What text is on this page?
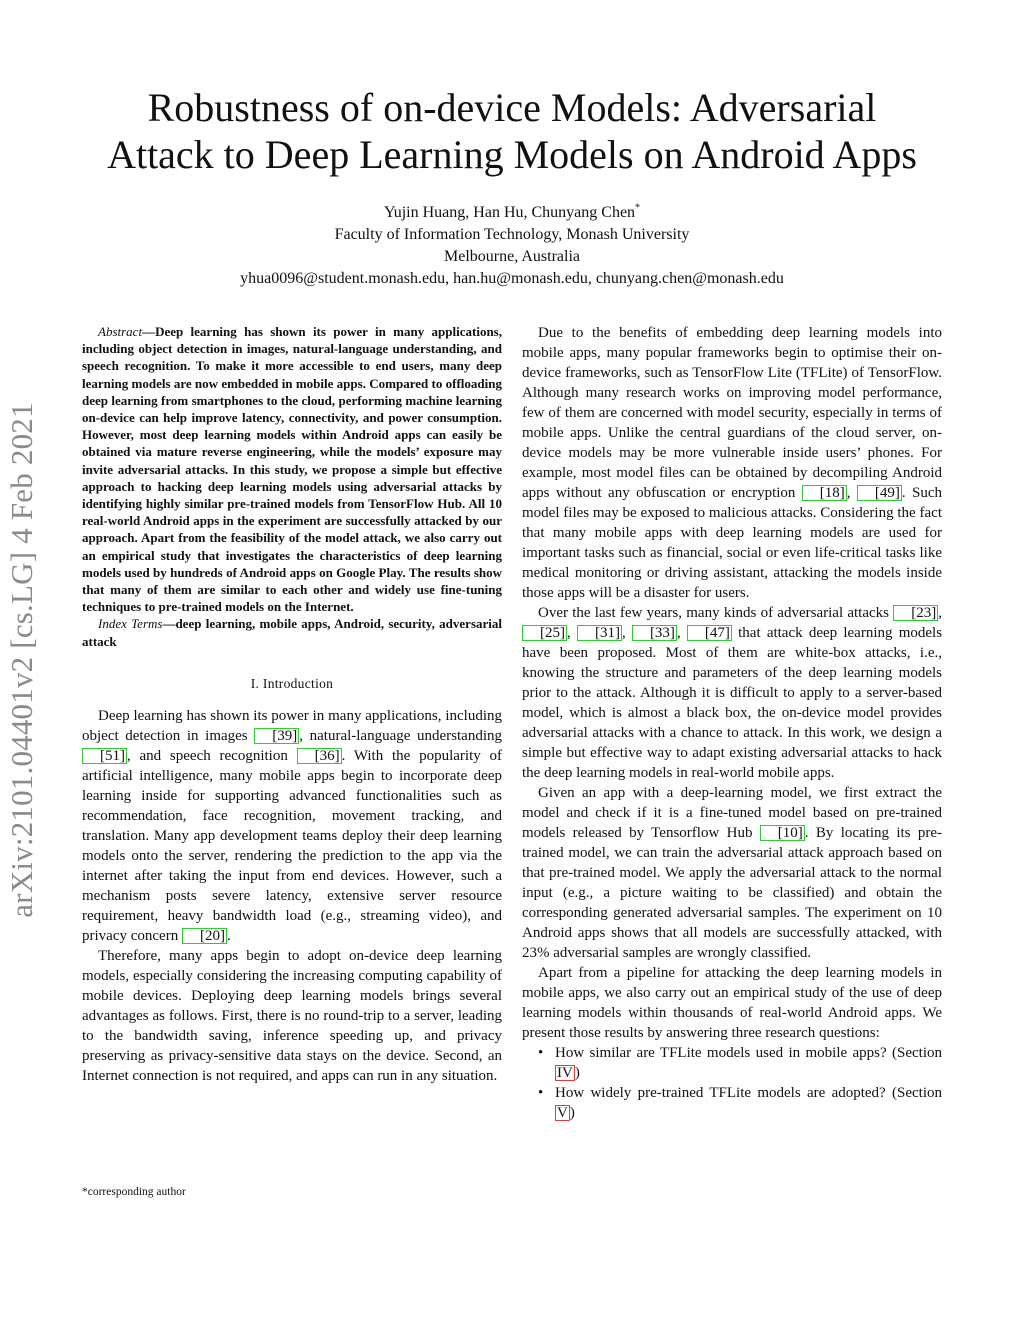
arXiv:2101.04401v2 [cs.LG] 4 Feb 2021
Robustness of on-device Models: Adversarial
Attack to Deep Learning Models on Android Apps
Yujin Huang, Han Hu, Chunyang Chen*
Faculty of Information Technology, Monash University
Melbourne, Australia
yhua0096@student.monash.edu, han.hu@monash.edu, chunyang.chen@monash.edu

Abstract—Deep learning has shown its power in many applications, including object detection in images, natural-language understanding, and speech recognition. To make it more accessible to end users, many deep learning models are now embedded in mobile apps. Compared to offloading deep learning from smartphones to the cloud, performing machine learning on-device can help improve latency, connectivity, and power consumption. However, most deep learning models within Android apps can easily be obtained via mature reverse engineering, while the models’ exposure may invite adversarial attacks. In this study, we propose a simple but effective approach to hacking deep learning models using adversarial attacks by identifying highly similar pre-trained models from TensorFlow Hub. All 10 real-world Android apps in the experiment are successfully attacked by our approach. Apart from the feasibility of the model attack, we also carry out an empirical study that investigates the characteristics of deep learning models used by hundreds of Android apps on Google Play. The results show that many of them are similar to each other and widely use fine-tuning techniques to pre-trained models on the Internet.

Index Terms—deep learning, mobile apps, Android, security, adversarial attack

I. Introduction

Deep learning has shown its power in many applications, including object detection in images [39] , natural-language understanding [51] , and speech recognition [36] . With the popularity of artificial intelligence, many mobile apps begin to incorporate deep learning inside for supporting advanced functionalities such as recommendation, face recognition, movement tracking, and translation. Many app development teams deploy their deep learning models onto the server, rendering the prediction to the app via the internet after taking the input from end devices. However, such a mechanism posts severe latency, extensive server resource requirement, heavy bandwidth load (e.g., streaming video), and privacy concern [20] .

Therefore, many apps begin to adopt on-device deep learning models, especially considering the increasing computing capability of mobile devices. Deploying deep learning models brings several advantages as follows. First, there is no round-trip to a server, leading to the bandwidth saving, inference speeding up, and privacy preserving as privacy-sensitive data stays on the device. Second, an Internet connection is not required, and apps can run in any situation.

Due to the benefits of embedding deep learning models into mobile apps, many popular frameworks begin to optimise their on-device frameworks, such as TensorFlow Lite (TFLite) of TensorFlow. Although many research works on improving model performance, few of them are concerned with model security, especially in terms of mobile apps. Unlike the central guardians of the cloud server, on-device models may be more vulnerable inside users’ phones. For example, most model files can be obtained by decompiling Android apps without any obfuscation or encryption [18] , [49] . Such model files may be exposed to malicious attacks. Considering the fact that many mobile apps with deep learning models are used for important tasks such as financial, social or even life-critical tasks like medical monitoring or driving assistant, attacking the models inside those apps will be a disaster for users.

Over the last few years, many kinds of adversarial attacks [23] , [25] , [31] , [33] , [47] that attack deep learning models have been proposed. Most of them are white-box attacks, i.e., knowing the structure and parameters of the deep learning models prior to the attack. Although it is difficult to apply to a server-based model, which is almost a black box, the on-device model provides adversarial attacks with a chance to attack. In this work, we design a simple but effective way to adapt existing adversarial attacks to hack the deep learning models in real-world mobile apps.

Given an app with a deep-learning model, we first extract the model and check if it is a fine-tuned model based on pre-trained models released by Tensorflow Hub [10] . By locating its pre-trained model, we can train the adversarial attack approach based on that pre-trained model. We apply the adversarial attack to the normal input (e.g., a picture waiting to be classified) and obtain the corresponding generated adversarial samples. The experiment on 10 Android apps shows that all models are successfully attacked, with 23% adversarial samples are wrongly classified.

Apart from a pipeline for attacking the deep learning models in mobile apps, we also carry out an empirical study of the use of deep learning models within thousands of real-world Android apps. We present those results by answering three research questions:

• How similar are TFLite models used in mobile apps? (Section IV )
• How widely pre-trained TFLite models are adopted? (Section V )
*corresponding author
